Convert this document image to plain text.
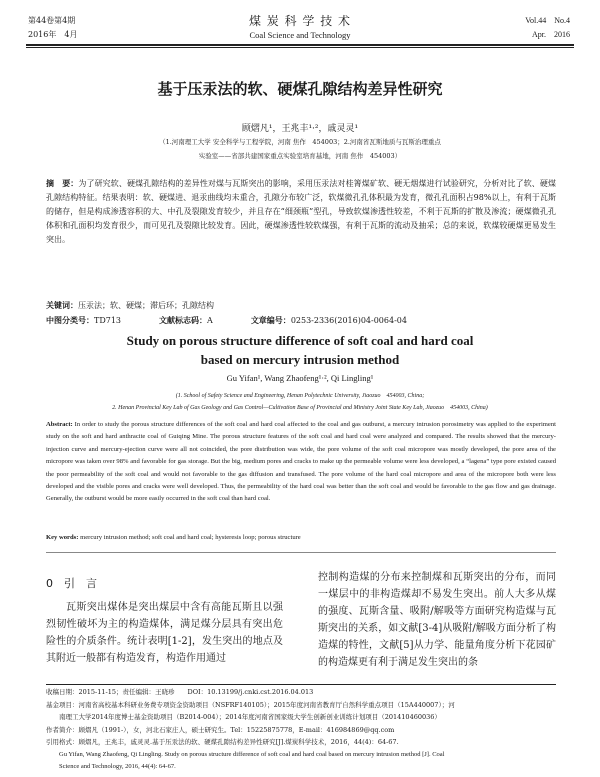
第44卷第4期
2016年　4月
煤 炭 科 学 技 术
Coal Science and Technology
Vol.44　No.4
Apr.　2016
基于压汞法的软、硬煤孔隙结构差异性研究
顾熠凡¹，王兆丰¹·²，戚灵灵¹
（1.河南理工大学 安全科学与工程学院，河南 焦作　454003；2.河南省瓦斯地质与瓦斯治理重点
实验室——省部共建国家重点实验室培育基地，河南 焦作　454003）
摘　要：为了研究软、硬煤孔隙结构的差异性对煤与瓦斯突出的影响，采用压汞法对桂箐煤矿软、硬无烟煤进行试验研究，分析对比了软、硬煤孔隙结构特征。结果表明：软、硬煤进、退汞曲线均未重合，孔隙分布较广泛，软煤微孔孔体积最为发育，微孔孔面积占98%以上，有利于瓦斯的储存，但是构成渗透容积的大、中孔及裂隙发育较少，并且存在“细颈瓶”型孔，导致软煤渗透性较差，不利于瓦斯的扩散及渗流；硬煤微孔孔体积和孔面积均发育很少，而可见孔及裂隙比较发育。因此，硬煤渗透性较软煤强，有利于瓦斯的流动及抽采；总的来说，软煤较硬煤更易发生突出。
关键词：压汞法；软、硬煤；滞后环；孔隙结构
中图分类号：TD713	文献标志码：A	文章编号：0253-2336(2016)04-0064-04
Study on porous structure difference of soft coal and hard coal based on mercury intrusion method
Gu Yifan¹, Wang Zhaofeng¹·², Qi Lingling¹
(1. School of Safety Science and Engineering, Henan Polytechnic University, Jiaozuo　454003, China;
2. Henan Provincial Key Lab of Gas Geology and Gas Control—Cultivation Base of Provincial and Ministry Joint State Key Lab, Jiaozuo　454003, China)
Abstract: In order to study the porous structure differences of the soft coal and hard coal affected to the coal and gas outburst, a mercury intrusion porosimetry was applied to the experiment study on the soft and hard anthracite coal of Guiqing Mine. The porous structure features of the soft coal and hard coal were analyzed and compared. The results showed that the mercury-injection curve and mercury-ejection curve were all not coincided, the pore distribution was wide, the pore volume of the soft coal micropore was mostly developed, the pore area of the micropore was taken over 98% and favorable for gas storage. But the big, medium pores and cracks to make up the permeable volume were less developed, a “lagena” type pore existed caused the poor permeability of the soft coal and would not favorable to the gas diffusion and transfused. The pore volume of the hard coal micropore and area of the micropore both were less developed and the visible pores and cracks were well developed. Thus, the permeability of the hard coal was better than the soft coal and would be favorable to the gas flow and gas drainage. Generally, the outburst would be more easily occurred in the soft coal than hard coal.
Key words: mercury intrusion method; soft coal and hard coal; hysteresis loop; porous structure
0　引　言
瓦斯突出煤体是突出煤层中含有高能瓦斯且以强烈韧性破坏为主的构造煤体，满足煤分层具有突出危险性的介质条件。统计表明[1-2]，发生突出的地点及其附近一般都有构造发育，构造作用通过
控制构造煤的分布来控制煤和瓦斯突出的分布，而同一煤层中的非构造煤却不易发生突出。前人大多从煤的强度、瓦斯含量、吸附/解吸等方面研究构造煤与瓦斯突出的关系，如文献[3-4]从吸附/解吸方面分析了构造煤的特性，文献[5]从力学、能量角度分析下花园矿的构造煤更有利于满足发生突出的条
收稿日期：2015-11-15；责任编辑：王晓珍　　DOI：10.13199/j.cnki.cst.2016.04.013
基金项目：河南省高校基本科研业务费专项资金资助项目（NSFRF140105）；2015年度河南省教育厅自然科学重点项目（15A440007）；河
　　南理工大学2014年度博士基金资助项目（B2014-004）；2014年度河南省国家级大学生创新创业训练计划项目（201410460036）
作者简介：顾熠凡（1991-），女，河北石家庄人，硕士研究生。Tel：15225875778，E-mail：416984869@qq.com
引用格式：顾熠凡，王兆丰，戚灵灵.基于压汞法的软、硬煤孔隙结构差异性研究[J].煤炭科学技术，2016，44(4)：64-67.
　　Gu Yifan, Wang Zhaofeng, Qi Lingling. Study on porous structure difference of soft coal and hard coal based on mercury intrusion method [J]. Coal
　　Science and Technology, 2016, 44(4): 64-67.
